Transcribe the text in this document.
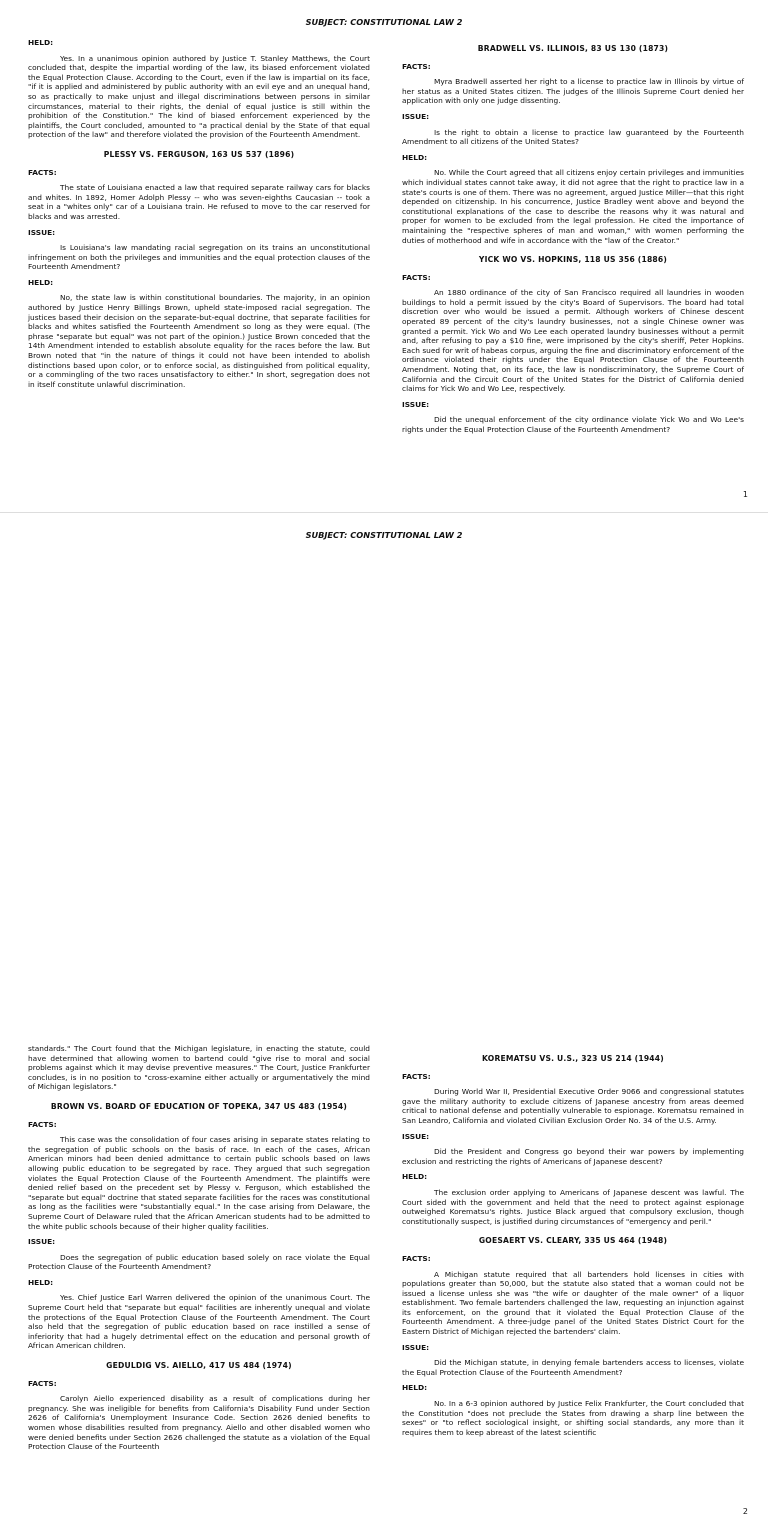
SUBJECT: CONSTITUTIONAL LAW 2
HELD:
Yes. In a unanimous opinion authored by Justice T. Stanley Matthews, the Court concluded that, despite the impartial wording of the law, its biased enforcement violated the Equal Protection Clause. According to the Court, even if the law is impartial on its face, "if it is applied and administered by public authority with an evil eye and an unequal hand, so as practically to make unjust and illegal discriminations between persons in similar circumstances, material to their rights, the denial of equal justice is still within the prohibition of the Constitution." The kind of biased enforcement experienced by the plaintiffs, the Court concluded, amounted to "a practical denial by the State of that equal protection of the law" and therefore violated the provision of the Fourteenth Amendment.
PLESSY VS. FERGUSON, 163 US 537 (1896)
FACTS:
The state of Louisiana enacted a law that required separate railway cars for blacks and whites. In 1892, Homer Adolph Plessy -- who was seven-eighths Caucasian -- took a seat in a "whites only" car of a Louisiana train. He refused to move to the car reserved for blacks and was arrested.
ISSUE:
Is Louisiana's law mandating racial segregation on its trains an unconstitutional infringement on both the privileges and immunities and the equal protection clauses of the Fourteenth Amendment?
HELD:
No, the state law is within constitutional boundaries. The majority, in an opinion authored by Justice Henry Billings Brown, upheld state-imposed racial segregation. The justices based their decision on the separate-but-equal doctrine, that separate facilities for blacks and whites satisfied the Fourteenth Amendment so long as they were equal. (The phrase "separate but equal" was not part of the opinion.) Justice Brown conceded that the 14th Amendment intended to establish absolute equality for the races before the law. But Brown noted that "in the nature of things it could not have been intended to abolish distinctions based upon color, or to enforce social, as distinguished from political equality, or a commingling of the two races unsatisfactory to either." In short, segregation does not in itself constitute unlawful discrimination.
BRADWELL VS. ILLINOIS, 83 US 130 (1873)
FACTS:
Myra Bradwell asserted her right to a license to practice law in Illinois by virtue of her status as a United States citizen. The judges of the Illinois Supreme Court denied her application with only one judge dissenting.
ISSUE:
Is the right to obtain a license to practice law guaranteed by the Fourteenth Amendment to all citizens of the United States?
HELD:
No. While the Court agreed that all citizens enjoy certain privileges and immunities which individual states cannot take away, it did not agree that the right to practice law in a state's courts is one of them. There was no agreement, argued Justice Miller—that this right depended on citizenship. In his concurrence, Justice Bradley went above and beyond the constitutional explanations of the case to describe the reasons why it was natural and proper for women to be excluded from the legal profession. He cited the importance of maintaining the "respective spheres of man and woman," with women performing the duties of motherhood and wife in accordance with the "law of the Creator."
YICK WO VS. HOPKINS, 118 US 356 (1886)
FACTS:
An 1880 ordinance of the city of San Francisco required all laundries in wooden buildings to hold a permit issued by the city's Board of Supervisors. The board had total discretion over who would be issued a permit. Although workers of Chinese descent operated 89 percent of the city's laundry businesses, not a single Chinese owner was granted a permit. Yick Wo and Wo Lee each operated laundry businesses without a permit and, after refusing to pay a $10 fine, were imprisoned by the city's sheriff, Peter Hopkins. Each sued for writ of habeas corpus, arguing the fine and discriminatory enforcement of the ordinance violated their rights under the Equal Protection Clause of the Fourteenth Amendment. Noting that, on its face, the law is nondiscriminatory, the Supreme Court of California and the Circuit Court of the United States for the District of California denied claims for Yick Wo and Wo Lee, respectively.
ISSUE:
Did the unequal enforcement of the city ordinance violate Yick Wo and Wo Lee's rights under the Equal Protection Clause of the Fourteenth Amendment?
1
SUBJECT: CONSTITUTIONAL LAW 2
standards." The Court found that the Michigan legislature, in enacting the statute, could have determined that allowing women to bartend could "give rise to moral and social problems against which it may devise preventive measures." The Court, Justice Frankfurter concludes, is in no position to "cross-examine either actually or argumentatively the mind of Michigan legislators."
BROWN VS. BOARD OF EDUCATION OF TOPEKA, 347 US 483 (1954)
FACTS:
This case was the consolidation of four cases arising in separate states relating to the segregation of public schools on the basis of race. In each of the cases, African American minors had been denied admittance to certain public schools based on laws allowing public education to be segregated by race. They argued that such segregation violates the Equal Protection Clause of the Fourteenth Amendment. The plaintiffs were denied relief based on the precedent set by Plessy v. Ferguson, which established the "separate but equal" doctrine that stated separate facilities for the races was constitutional as long as the facilities were "substantially equal." In the case arising from Delaware, the Supreme Court of Delaware ruled that the African American students had to be admitted to the white public schools because of their higher quality facilities.
ISSUE:
Does the segregation of public education based solely on race violate the Equal Protection Clause of the Fourteenth Amendment?
HELD:
Yes. Chief Justice Earl Warren delivered the opinion of the unanimous Court. The Supreme Court held that "separate but equal" facilities are inherently unequal and violate the protections of the Equal Protection Clause of the Fourteenth Amendment. The Court also held that the segregation of public education based on race instilled a sense of inferiority that had a hugely detrimental effect on the education and personal growth of African American children.
GEDULDIG VS. AIELLO, 417 US 484 (1974)
FACTS:
Carolyn Aiello experienced disability as a result of complications during her pregnancy. She was ineligible for benefits from California's Disability Fund under Section 2626 of California's Unemployment Insurance Code. Section 2626 denied benefits to women whose disabilities resulted from pregnancy. Aiello and other disabled women who were denied benefits under Section 2626 challenged the statute as a violation of the Equal Protection Clause of the Fourteenth
KOREMATSU VS. U.S., 323 US 214 (1944)
FACTS:
During World War II, Presidential Executive Order 9066 and congressional statutes gave the military authority to exclude citizens of Japanese ancestry from areas deemed critical to national defense and potentially vulnerable to espionage. Korematsu remained in San Leandro, California and violated Civilian Exclusion Order No. 34 of the U.S. Army.
ISSUE:
Did the President and Congress go beyond their war powers by implementing exclusion and restricting the rights of Americans of Japanese descent?
HELD:
The exclusion order applying to Americans of Japanese descent was lawful. The Court sided with the government and held that the need to protect against espionage outweighed Korematsu's rights. Justice Black argued that compulsory exclusion, though constitutionally suspect, is justified during circumstances of "emergency and peril."
GOESAERT VS. CLEARY, 335 US 464 (1948)
FACTS:
A Michigan statute required that all bartenders hold licenses in cities with populations greater than 50,000, but the statute also stated that a woman could not be issued a license unless she was "the wife or daughter of the male owner" of a liquor establishment. Two female bartenders challenged the law, requesting an injunction against its enforcement, on the ground that it violated the Equal Protection Clause of the Fourteenth Amendment. A three-judge panel of the United States District Court for the Eastern District of Michigan rejected the bartenders' claim.
ISSUE:
Did the Michigan statute, in denying female bartenders access to licenses, violate the Equal Protection Clause of the Fourteenth Amendment?
HELD:
No. In a 6-3 opinion authored by Justice Felix Frankfurter, the Court concluded that the Constitution "does not preclude the States from drawing a sharp line between the sexes" or "to reflect sociological insight, or shifting social standards, any more than it requires them to keep abreast of the latest scientific
2
